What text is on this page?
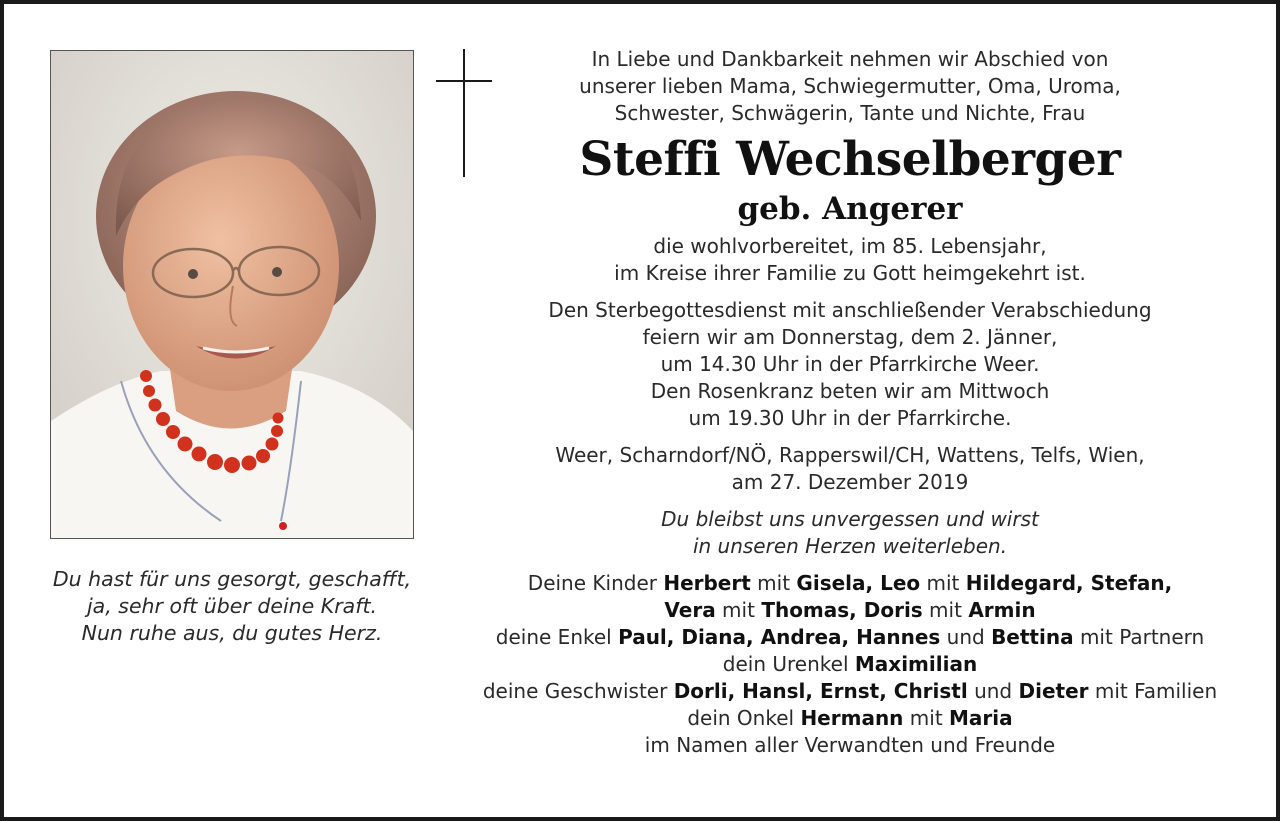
Du hast für uns gesorgt, geschafft,
ja, sehr oft über deine Kraft.
Nun ruhe aus, du gutes Herz.
In Liebe und Dankbarkeit nehmen wir Abschied von
unserer lieben Mama, Schwiegermutter, Oma, Uroma,
Schwester, Schwägerin, Tante und Nichte, Frau
Steffi Wechselberger
geb. Angerer
die wohlvorbereitet, im 85. Lebensjahr,
im Kreise ihrer Familie zu Gott heimgekehrt ist.
Den Sterbegottesdienst mit anschließender Verabschiedung
feiern wir am Donnerstag, dem 2. Jänner,
um 14.30 Uhr in der Pfarrkirche Weer.
Den Rosenkranz beten wir am Mittwoch
um 19.30 Uhr in der Pfarrkirche.
Weer, Scharndorf/NÖ, Rapperswil/CH, Wattens, Telfs, Wien,
am 27. Dezember 2019
Du bleibst uns unvergessen und wirst
in unseren Herzen weiterleben.
Deine Kinder Herbert mit Gisela, Leo mit Hildegard, Stefan,
Vera mit Thomas, Doris mit Armin
deine Enkel Paul, Diana, Andrea, Hannes und Bettina mit Partnern
dein Urenkel Maximilian
deine Geschwister Dorli, Hansl, Ernst, Christl und Dieter mit Familien
dein Onkel Hermann mit Maria
im Namen aller Verwandten und Freunde
